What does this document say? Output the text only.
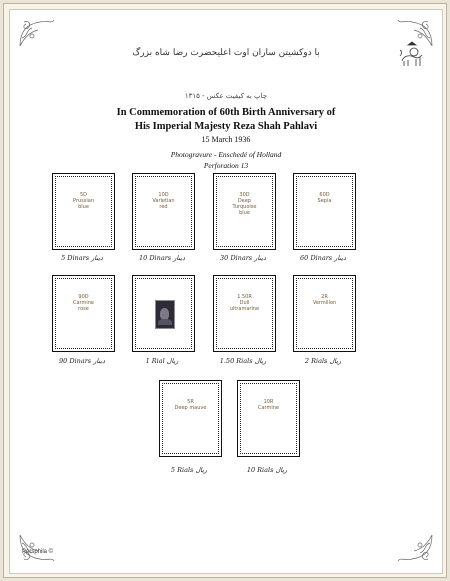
با دوکشیتن ساران اوت اعلیحضرت رضا شاه بزرگ
چاپ به کیفیت عکس - ۱۳۱۵
In Commemoration of 60th Birth Anniversary of
His Imperial Majesty Reza Shah Pahlavi
15 March 1936
Photogravure - Enschedé of Holland
Perforation 13
5D
Prussian
blue
5 Dinars دینار
10D
Varletian
red
10 Dinars دینار
30D
Deep
Turquoise
blue
30 Dinars دینار
60D
Sepia
60 Dinars دینار
90D
Carmine
rose
90 Dinars دینار	1 Rial ریال
1.50R
Dull
ultramarine
1.50 Rials ریال
2R
Vermilion
2 Rials ریال
5R
Deep mauve
5 Rials ریال
10R
Carmine
10 Rials ریال
Persphila ©
